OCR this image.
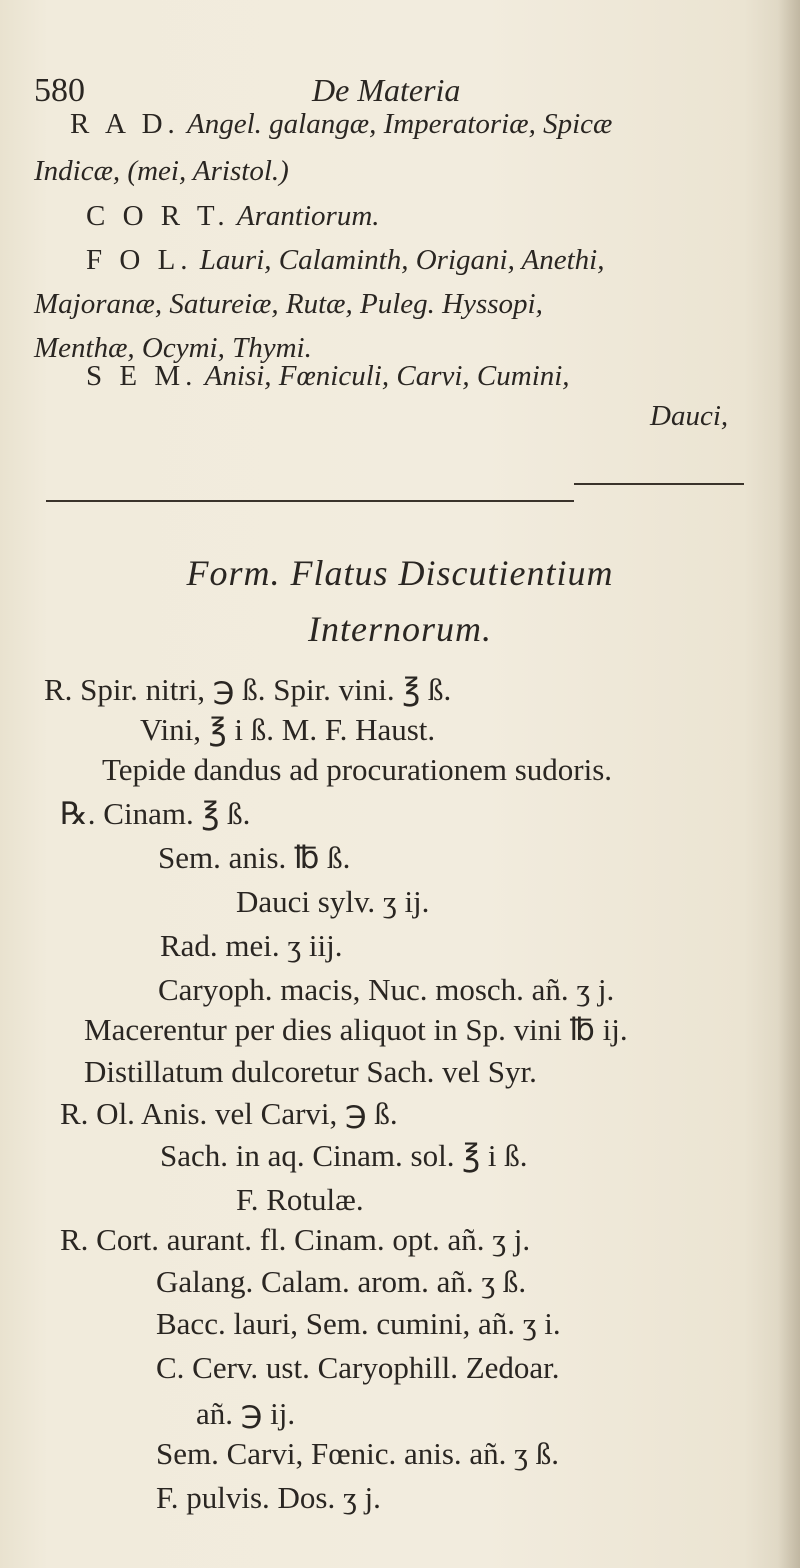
580	De Materia
R A D. Angel. galangæ, Imperatoriæ, Spicæ
Indicæ, (mei, Aristol.)
C O R T. Arantiorum.
F O L. Lauri, Calaminth, Origani, Anethi,
Majoranæ, Satureiæ, Rutæ, Puleg. Hyssopi,
Menthæ, Ocymi, Thymi.
S E M. Anisi, Fœniculi, Carvi, Cumini,
Dauci,
Form. Flatus Discutientium
Internorum.
R. Spir. nitri, ℈ ß. Spir. vini. ℥ ß.
Vini, ℥ i ß. M. F. Haust.
Tepide dandus ad procurationem sudoris.
℞. Cinam. ℥ ß.
Sem. anis. ℔ ß.
Dauci sylv. ʒ ij.
Rad. mei. ʒ iij.
Caryoph. macis, Nuc. mosch. añ. ʒ j.
Macerentur per dies aliquot in Sp. vini ℔ ij.
Distillatum dulcoretur Sach. vel Syr.
R. Ol. Anis. vel Carvi, ℈ ß.
Sach. in aq. Cinam. sol. ℥ i ß.
F. Rotulæ.
R. Cort. aurant. fl. Cinam. opt. añ. ʒ j.
Galang. Calam. arom. añ. ʒ ß.
Bacc. lauri, Sem. cumini, añ. ʒ i.
C. Cerv. ust. Caryophill. Zedoar.
añ. ℈ ij.
Sem. Carvi, Fœnic. anis. añ. ʒ ß.
F. pulvis. Dos. ʒ j.
